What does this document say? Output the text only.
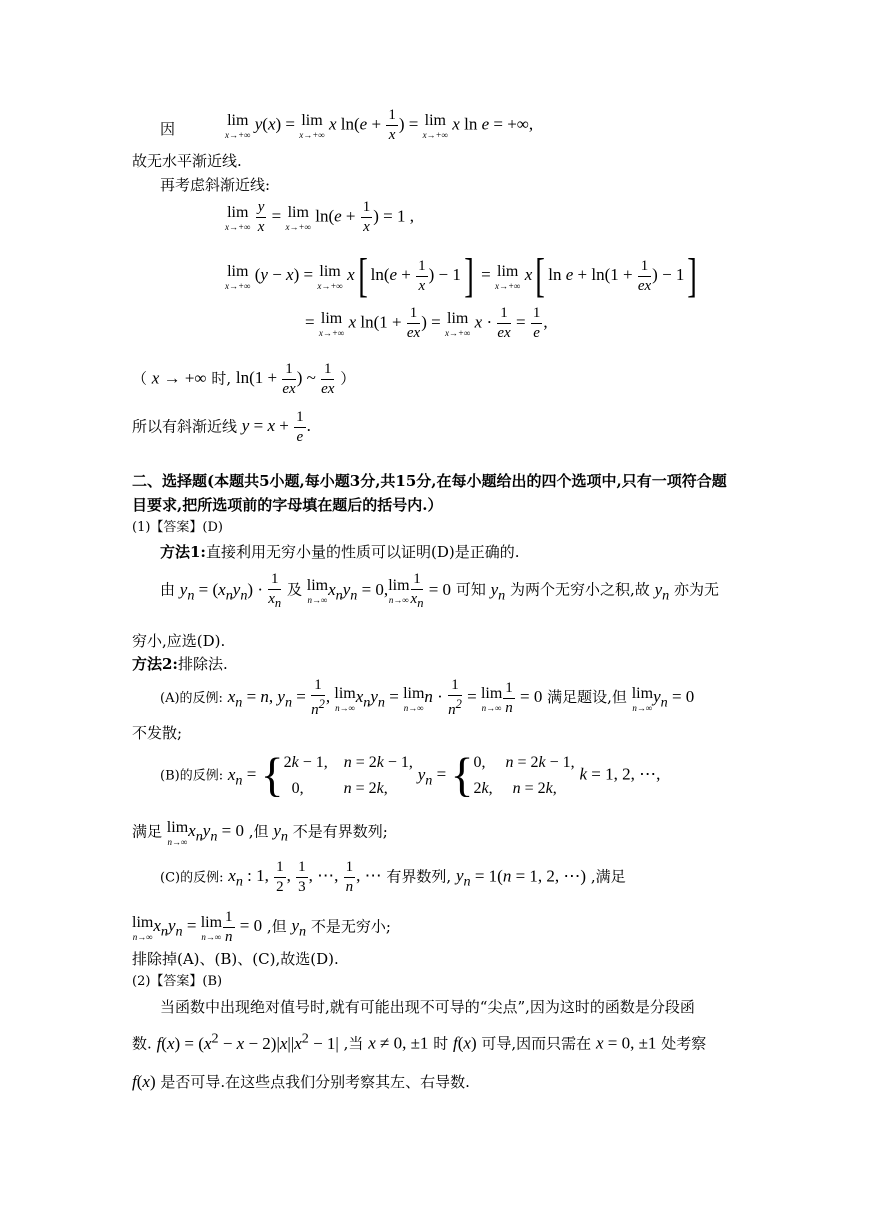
因	lim
x→+∞
y(x) = lim
x→+∞
x $\ln(e + \frac{1}{x}$ ) = lim
x→+∞
x ln e = +∞,
故无水平渐近线.
再考虑斜渐近线:
lim
x→+∞
$\frac{y}{x} = \lim$
x→+∞
$\ln(e + \frac{1}{x}$ ) = 1 ,
lim
x→+∞
(y − x) = lim
x→+∞
x[ $\ln(e + \frac{1}{x}$ ) − 1] = lim
x→+∞
x[ $\ln e + \ln(1 + \frac{1}{ex}$ ) − 1]
= lim
x→+∞
x $\ln(1 + \frac{1}{ex}$ ) = lim
x→+∞
$x \cdot \frac{1}{ex} = \frac{1}{e}$ ,
（ x → +∞ 时, $\ln(1 + \frac{1}{ex}$ ) ~ $\frac{1}{ex}$ ）
所以有斜渐近线 $y = x + \frac{1}{e}$ .
二、选择题(本题共5小题,每小题3分,共15分,在每小题给出的四个选项中,只有一项符合题
目要求,把所选项前的字母填在题后的括号内.）
(1)【答案】(D)
方法1:直接利用无穷小量的性质可以证明(D)是正确的.
由 $y_n = (x_ny_n) \cdot \frac{1}{x_n}$ 及 lim
n→∞
$x_ny_n = 0,\lim$
$n\to\infty \frac{1}{x_n} = 0$ 可知 $y_n$ 为两个无穷小之积,故 $y_n$ 亦为无
穷小,应选(D).
方法2:排除法.
(A)的反例: $x_n = n$, $y_n = \frac{1}{n^2}$ , lim
n→∞
$x_ny_n = \lim$
n→∞
$n \cdot \frac{1}{n^2} = \lim$
$n\to\infty \frac{1}{n} = 0$ 满足题设,但 lim
n→∞
$y_n = 0$
不发散;
(B)的反例: $x_n = \{2k - 1$,    n = 2k − 1,
0,          n = 2k, $y_n = \{0$,     n = 2k − 1,
2k,     n = 2k, k = 1, 2, ⋯,
满足 lim
n→∞
$x_ny_n = 0$ ,但 $y_n$ 不是有界数列;
(C)的反例: $x_n$ : 1, $\frac{1}{2}$ , $\frac{1}{3}$ , ⋯, $\frac{1}{n}$ , ⋯ 有界数列, $y_n = 1(n = 1$, 2, ⋯) ,满足
lim
n→∞
$x_ny_n = \lim$
$n\to\infty \frac{1}{n} = 0$ ,但 $y_n$ 不是无穷小;
排除掉(A)、(B)、(C),故选(D).
(2)【答案】(B)
当函数中出现绝对值号时,就有可能出现不可导的“尖点”,因为这时的函数是分段函
数. $f(x) = (x^2 - x - 2)|x||x^2 - 1|$ ,当 x ≠ 0, ±1 时 f(x) 可导,因而只需在 x = 0, ±1 处考察
f(x) 是否可导.在这些点我们分别考察其左、右导数.
